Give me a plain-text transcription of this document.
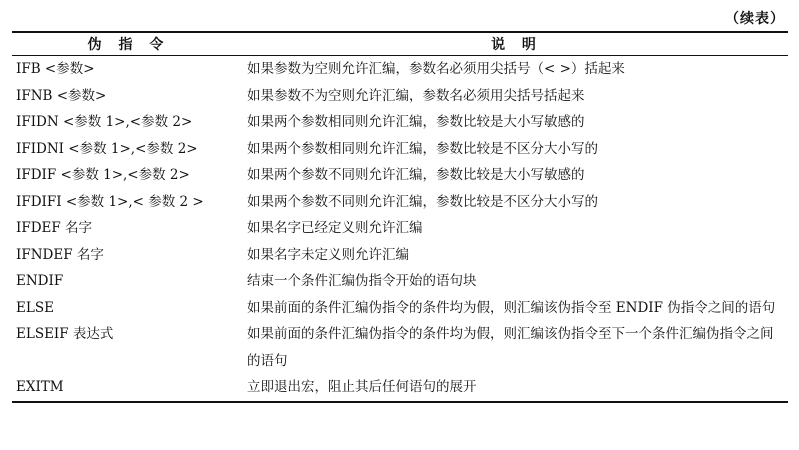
（续表）
伪 指 令	说 明
IFB <参数>	如果参数为空则允许汇编，参数名必须用尖括号（< >）括起来
IFNB <参数>	如果参数不为空则允许汇编，参数名必须用尖括号括起来
IFIDN <参数 1>,<参数 2>	如果两个参数相同则允许汇编，参数比较是大小写敏感的
IFIDNI <参数 1>,<参数 2>	如果两个参数相同则允许汇编，参数比较是不区分大小写的
IFDIF <参数 1>,<参数 2>	如果两个参数不同则允许汇编，参数比较是大小写敏感的
IFDIFI <参数 1>,< 参数 2 >	如果两个参数不同则允许汇编，参数比较是不区分大小写的
IFDEF 名字	如果名字已经定义则允许汇编
IFNDEF 名字	如果名字未定义则允许汇编
ENDIF	结束一个条件汇编伪指令开始的语句块
ELSE	如果前面的条件汇编伪指令的条件均为假，则汇编该伪指令至 ENDIF 伪指令之间的语句
ELSEIF 表达式	如果前面的条件汇编伪指令的条件均为假，则汇编该伪指令至下一个条件汇编伪指令之间的语句
EXITM	立即退出宏，阻止其后任何语句的展开
